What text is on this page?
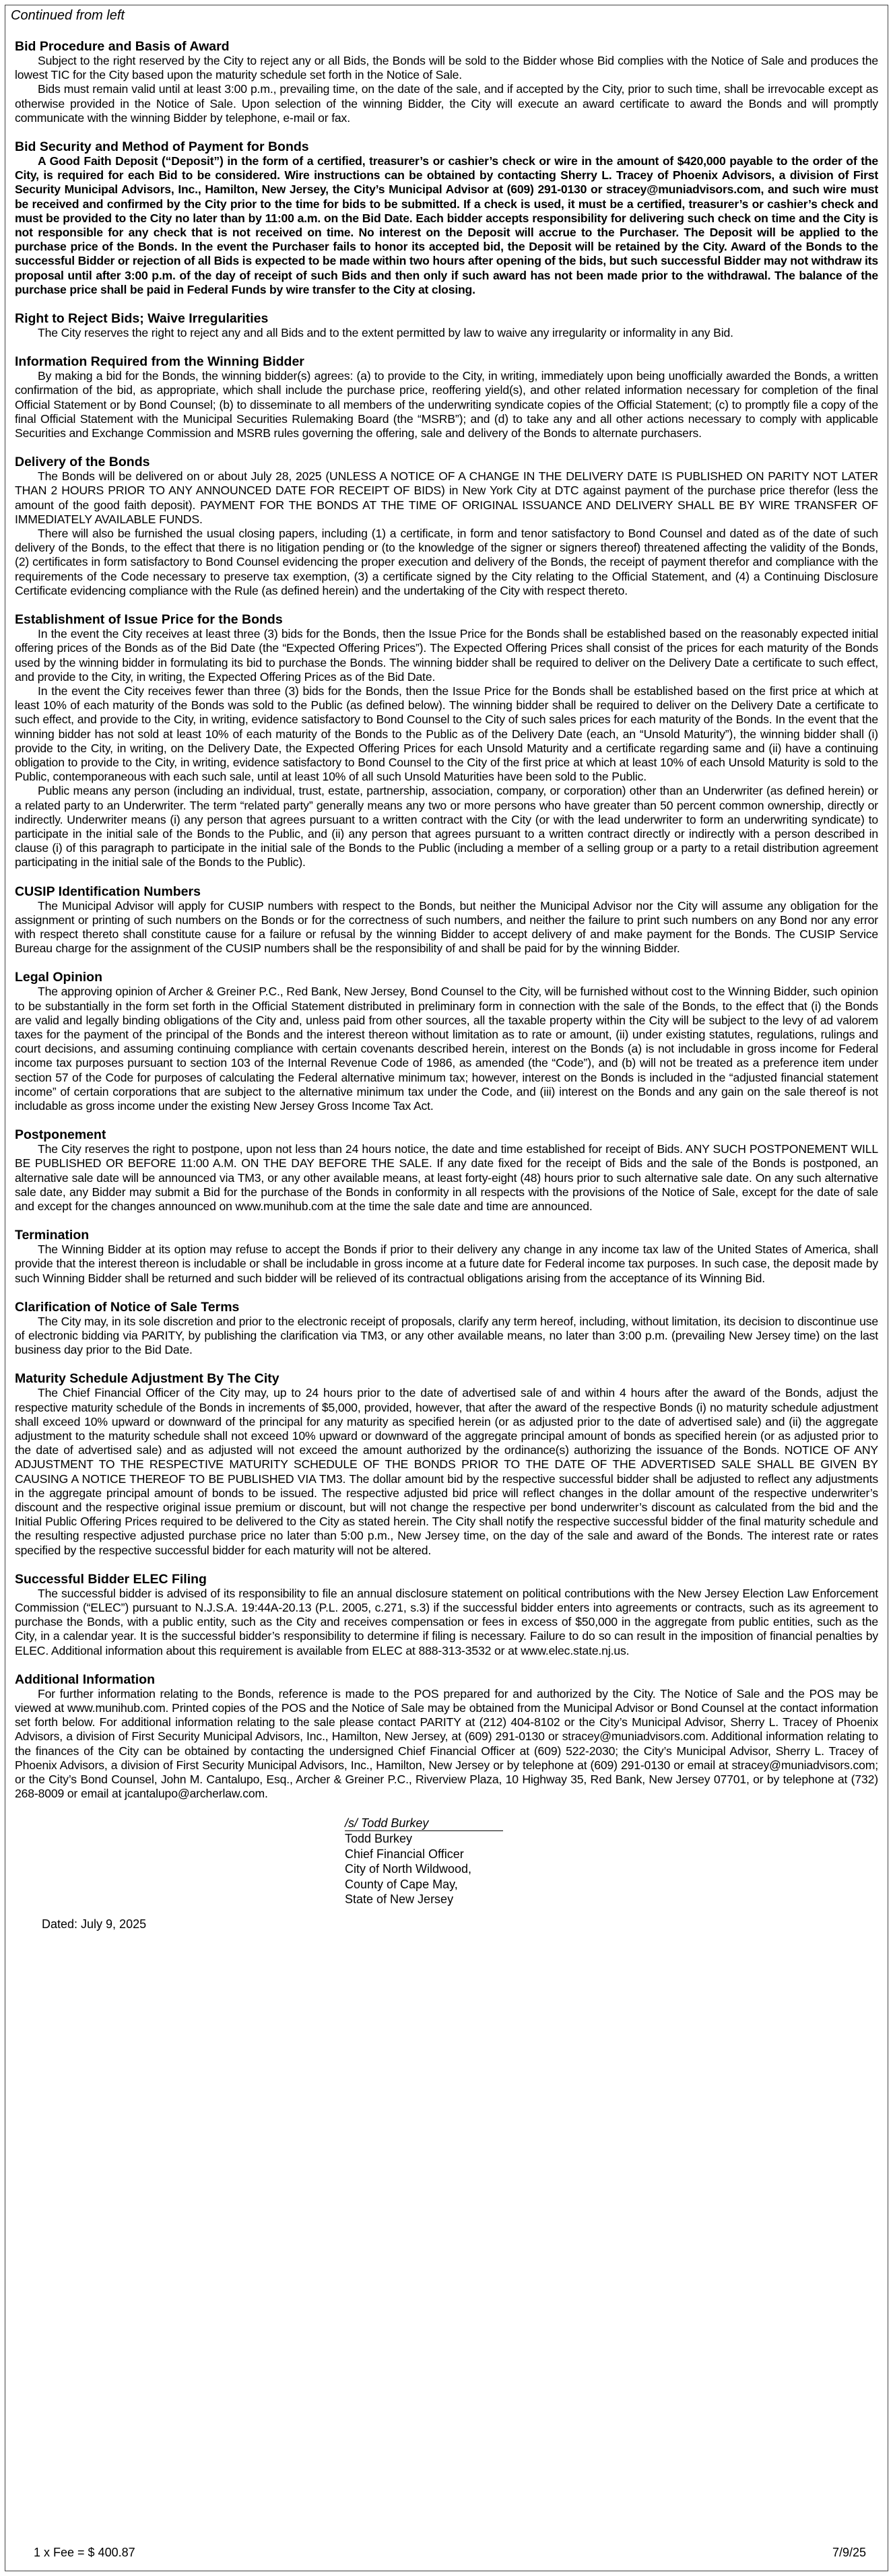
Continued from left
Bid Procedure and Basis of Award

Subject to the right reserved by the City to reject any or all Bids, the Bonds will be sold to the Bidder whose Bid complies with the Notice of Sale and produces the lowest TIC for the City based upon the maturity schedule set forth in the Notice of Sale.

Bids must remain valid until at least 3:00 p.m., prevailing time, on the date of the sale, and if accepted by the City, prior to such time, shall be irrevocable except as otherwise provided in the Notice of Sale. Upon selection of the winning Bidder, the City will execute an award certificate to award the Bonds and will promptly communicate with the winning Bidder by telephone, e-mail or fax.

Bid Security and Method of Payment for Bonds

A Good Faith Deposit (“Deposit”) in the form of a certified, treasurer’s or cashier’s check or wire in the amount of $420,000 payable to the order of the City, is required for each Bid to be considered. Wire instructions can be obtained by contacting Sherry L. Tracey of Phoenix Advisors, a division of First Security Municipal Advisors, Inc., Hamilton, New Jersey, the City’s Municipal Advisor at (609) 291-0130 or stracey@muniadvisors.com, and such wire must be received and confirmed by the City prior to the time for bids to be submitted. If a check is used, it must be a certified, treasurer’s or cashier’s check and must be provided to the City no later than by 11:00 a.m. on the Bid Date. Each bidder accepts responsibility for delivering such check on time and the City is not responsible for any check that is not received on time. No interest on the Deposit will accrue to the Purchaser. The Deposit will be applied to the purchase price of the Bonds. In the event the Purchaser fails to honor its accepted bid, the Deposit will be retained by the City. Award of the Bonds to the successful Bidder or rejection of all Bids is expected to be made within two hours after opening of the bids, but such successful Bidder may not withdraw its proposal until after 3:00 p.m. of the day of receipt of such Bids and then only if such award has not been made prior to the withdrawal. The balance of the purchase price shall be paid in Federal Funds by wire transfer to the City at closing.

Right to Reject Bids; Waive Irregularities

The City reserves the right to reject any and all Bids and to the extent permitted by law to waive any irregularity or informality in any Bid.

Information Required from the Winning Bidder

By making a bid for the Bonds, the winning bidder(s) agrees: (a) to provide to the City, in writing, immediately upon being unofficially awarded the Bonds, a written confirmation of the bid, as appropriate, which shall include the purchase price, reoffering yield(s), and other related information necessary for completion of the final Official Statement or by Bond Counsel; (b) to disseminate to all members of the underwriting syndicate copies of the Official Statement; (c) to promptly file a copy of the final Official Statement with the Municipal Securities Rulemaking Board (the “MSRB”); and (d) to take any and all other actions necessary to comply with applicable Securities and Exchange Commission and MSRB rules governing the offering, sale and delivery of the Bonds to alternate purchasers.

Delivery of the Bonds

The Bonds will be delivered on or about July 28, 2025 (UNLESS A NOTICE OF A CHANGE IN THE DELIVERY DATE IS PUBLISHED ON PARITY NOT LATER THAN 2 HOURS PRIOR TO ANY ANNOUNCED DATE FOR RECEIPT OF BIDS) in New York City at DTC against payment of the purchase price therefor (less the amount of the good faith deposit). PAYMENT FOR THE BONDS AT THE TIME OF ORIGINAL ISSUANCE AND DELIVERY SHALL BE BY WIRE TRANSFER OF IMMEDIATELY AVAILABLE FUNDS.

There will also be furnished the usual closing papers, including (1) a certificate, in form and tenor satisfactory to Bond Counsel and dated as of the date of such delivery of the Bonds, to the effect that there is no litigation pending or (to the knowledge of the signer or signers thereof) threatened affecting the validity of the Bonds, (2) certificates in form satisfactory to Bond Counsel evidencing the proper execution and delivery of the Bonds, the receipt of payment therefor and compliance with the requirements of the Code necessary to preserve tax exemption, (3) a certificate signed by the City relating to the Official Statement, and (4) a Continuing Disclosure Certificate evidencing compliance with the Rule (as defined herein) and the undertaking of the City with respect thereto.

Establishment of Issue Price for the Bonds

In the event the City receives at least three (3) bids for the Bonds, then the Issue Price for the Bonds shall be established based on the reasonably expected initial offering prices of the Bonds as of the Bid Date (the “Expected Offering Prices”). The Expected Offering Prices shall consist of the prices for each maturity of the Bonds used by the winning bidder in formulating its bid to purchase the Bonds. The winning bidder shall be required to deliver on the Delivery Date a certificate to such effect, and provide to the City, in writing, the Expected Offering Prices as of the Bid Date.

In the event the City receives fewer than three (3) bids for the Bonds, then the Issue Price for the Bonds shall be established based on the first price at which at least 10% of each maturity of the Bonds was sold to the Public (as defined below). The winning bidder shall be required to deliver on the Delivery Date a certificate to such effect, and provide to the City, in writing, evidence satisfactory to Bond Counsel to the City of such sales prices for each maturity of the Bonds. In the event that the winning bidder has not sold at least 10% of each maturity of the Bonds to the Public as of the Delivery Date (each, an “Unsold Maturity”), the winning bidder shall (i) provide to the City, in writing, on the Delivery Date, the Expected Offering Prices for each Unsold Maturity and a certificate regarding same and (ii) have a continuing obligation to provide to the City, in writing, evidence satisfactory to Bond Counsel to the City of the first price at which at least 10% of each Unsold Maturity is sold to the Public, contemporaneous with each such sale, until at least 10% of all such Unsold Maturities have been sold to the Public.

Public means any person (including an individual, trust, estate, partnership, association, company, or corporation) other than an Underwriter (as defined herein) or a related party to an Underwriter. The term “related party” generally means any two or more persons who have greater than 50 percent common ownership, directly or indirectly. Underwriter means (i) any person that agrees pursuant to a written contract with the City (or with the lead underwriter to form an underwriting syndicate) to participate in the initial sale of the Bonds to the Public, and (ii) any person that agrees pursuant to a written contract directly or indirectly with a person described in clause (i) of this paragraph to participate in the initial sale of the Bonds to the Public (including a member of a selling group or a party to a retail distribution agreement participating in the initial sale of the Bonds to the Public).

CUSIP Identification Numbers

The Municipal Advisor will apply for CUSIP numbers with respect to the Bonds, but neither the Municipal Advisor nor the City will assume any obligation for the assignment or printing of such numbers on the Bonds or for the correctness of such numbers, and neither the failure to print such numbers on any Bond nor any error with respect thereto shall constitute cause for a failure or refusal by the winning Bidder to accept delivery of and make payment for the Bonds. The CUSIP Service Bureau charge for the assignment of the CUSIP numbers shall be the responsibility of and shall be paid for by the winning Bidder.

Legal Opinion

The approving opinion of Archer & Greiner P.C., Red Bank, New Jersey, Bond Counsel to the City, will be furnished without cost to the Winning Bidder, such opinion to be substantially in the form set forth in the Official Statement distributed in preliminary form in connection with the sale of the Bonds, to the effect that (i) the Bonds are valid and legally binding obligations of the City and, unless paid from other sources, all the taxable property within the City will be subject to the levy of ad valorem taxes for the payment of the principal of the Bonds and the interest thereon without limitation as to rate or amount, (ii) under existing statutes, regulations, rulings and court decisions, and assuming continuing compliance with certain covenants described herein, interest on the Bonds (a) is not includable in gross income for Federal income tax purposes pursuant to section 103 of the Internal Revenue Code of 1986, as amended (the “Code”), and (b) will not be treated as a preference item under section 57 of the Code for purposes of calculating the Federal alternative minimum tax; however, interest on the Bonds is included in the “adjusted financial statement income” of certain corporations that are subject to the alternative minimum tax under the Code, and (iii) interest on the Bonds and any gain on the sale thereof is not includable as gross income under the existing New Jersey Gross Income Tax Act.

Postponement

The City reserves the right to postpone, upon not less than 24 hours notice, the date and time established for receipt of Bids. ANY SUCH POSTPONEMENT WILL BE PUBLISHED OR BEFORE 11:00 A.M. ON THE DAY BEFORE THE SALE. If any date fixed for the receipt of Bids and the sale of the Bonds is postponed, an alternative sale date will be announced via TM3, or any other available means, at least forty-eight (48) hours prior to such alternative sale date. On any such alternative sale date, any Bidder may submit a Bid for the purchase of the Bonds in conformity in all respects with the provisions of the Notice of Sale, except for the date of sale and except for the changes announced on www.munihub.com at the time the sale date and time are announced.

Termination

The Winning Bidder at its option may refuse to accept the Bonds if prior to their delivery any change in any income tax law of the United States of America, shall provide that the interest thereon is includable or shall be includable in gross income at a future date for Federal income tax purposes. In such case, the deposit made by such Winning Bidder shall be returned and such bidder will be relieved of its contractual obligations arising from the acceptance of its Winning Bid.

Clarification of Notice of Sale Terms

The City may, in its sole discretion and prior to the electronic receipt of proposals, clarify any term hereof, including, without limitation, its decision to discontinue use of electronic bidding via PARITY, by publishing the clarification via TM3, or any other available means, no later than 3:00 p.m. (prevailing New Jersey time) on the last business day prior to the Bid Date.

Maturity Schedule Adjustment By The City

The Chief Financial Officer of the City may, up to 24 hours prior to the date of advertised sale of and within 4 hours after the award of the Bonds, adjust the respective maturity schedule of the Bonds in increments of $5,000, provided, however, that after the award of the respective Bonds (i) no maturity schedule adjustment shall exceed 10% upward or downward of the principal for any maturity as specified herein (or as adjusted prior to the date of advertised sale) and (ii) the aggregate adjustment to the maturity schedule shall not exceed 10% upward or downward of the aggregate principal amount of bonds as specified herein (or as adjusted prior to the date of advertised sale) and as adjusted will not exceed the amount authorized by the ordinance(s) authorizing the issuance of the Bonds. NOTICE OF ANY ADJUSTMENT TO THE RESPECTIVE MATURITY SCHEDULE OF THE BONDS PRIOR TO THE DATE OF THE ADVERTISED SALE SHALL BE GIVEN BY CAUSING A NOTICE THEREOF TO BE PUBLISHED VIA TM3. The dollar amount bid by the respective successful bidder shall be adjusted to reflect any adjustments in the aggregate principal amount of bonds to be issued. The respective adjusted bid price will reflect changes in the dollar amount of the respective underwriter’s discount and the respective original issue premium or discount, but will not change the respective per bond underwriter’s discount as calculated from the bid and the Initial Public Offering Prices required to be delivered to the City as stated herein. The City shall notify the respective successful bidder of the final maturity schedule and the resulting respective adjusted purchase price no later than 5:00 p.m., New Jersey time, on the day of the sale and award of the Bonds. The interest rate or rates specified by the respective successful bidder for each maturity will not be altered.

Successful Bidder ELEC Filing

The successful bidder is advised of its responsibility to file an annual disclosure statement on political contributions with the New Jersey Election Law Enforcement Commission (“ELEC”) pursuant to N.J.S.A. 19:44A-20.13 (P.L. 2005, c.271, s.3) if the successful bidder enters into agreements or contracts, such as its agreement to purchase the Bonds, with a public entity, such as the City and receives compensation or fees in excess of $50,000 in the aggregate from public entities, such as the City, in a calendar year. It is the successful bidder’s responsibility to determine if filing is necessary. Failure to do so can result in the imposition of financial penalties by ELEC. Additional information about this requirement is available from ELEC at 888-313-3532 or at www.elec.state.nj.us.

Additional Information

For further information relating to the Bonds, reference is made to the POS prepared for and authorized by the City. The Notice of Sale and the POS may be viewed at www.munihub.com. Printed copies of the POS and the Notice of Sale may be obtained from the Municipal Advisor or Bond Counsel at the contact information set forth below. For additional information relating to the sale please contact PARITY at (212) 404-8102 or the City’s Municipal Advisor, Sherry L. Tracey of Phoenix Advisors, a division of First Security Municipal Advisors, Inc., Hamilton, New Jersey, at (609) 291-0130 or stracey@muniadvisors.com. Additional information relating to the finances of the City can be obtained by contacting the undersigned Chief Financial Officer at (609) 522-2030; the City’s Municipal Advisor, Sherry L. Tracey of Phoenix Advisors, a division of First Security Municipal Advisors, Inc., Hamilton, New Jersey or by telephone at (609) 291-0130 or email at stracey@muniadvisors.com; or the City’s Bond Counsel, John M. Cantalupo, Esq., Archer & Greiner P.C., Riverview Plaza, 10 Highway 35, Red Bank, New Jersey 07701, or by telephone at (732) 268-8009 or email at jcantalupo@archerlaw.com.

/s/ Todd Burkey
Todd Burkey
Chief Financial Officer
City of North Wildwood,
County of Cape May,
State of New Jersey
Dated: July 9, 2025
1 x Fee = $ 400.87	7/9/25
